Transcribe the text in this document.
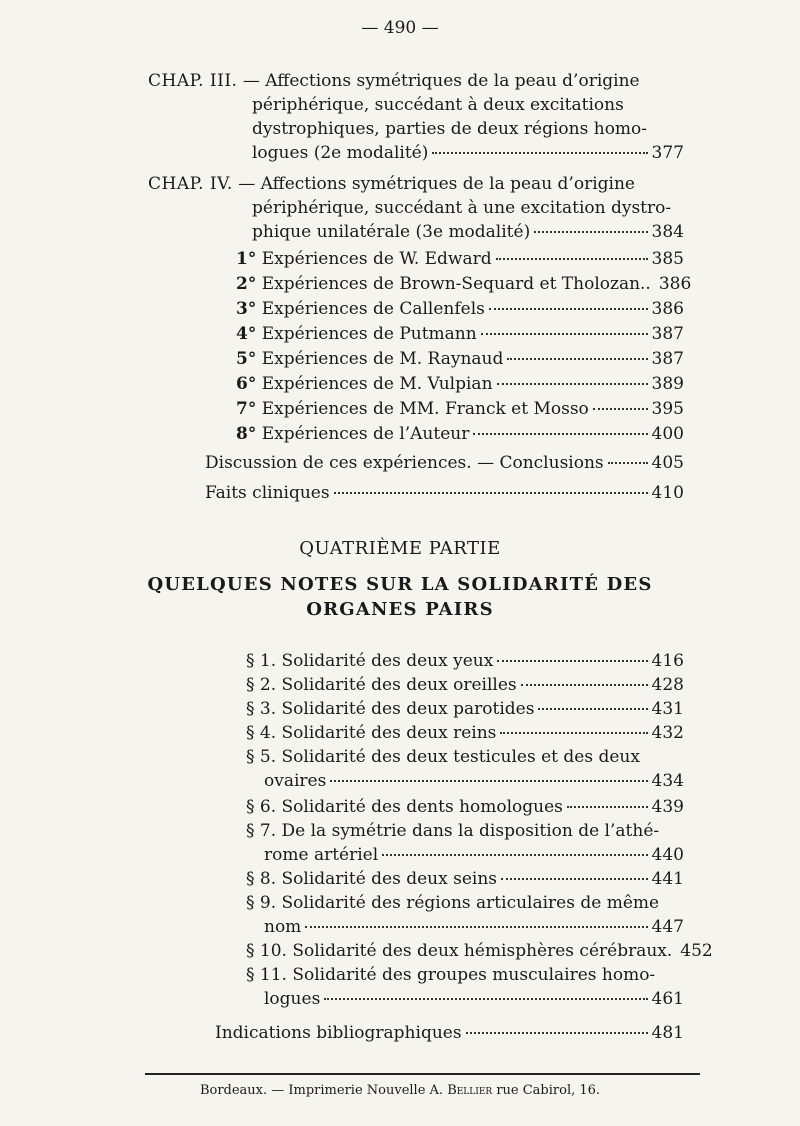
— 490 —
CHAP. III. — Affections symétriques de la peau d’origine
périphérique, succédant à deux excitations
dystrophiques, parties de deux régions homo-
logues (2e modalité)	377
CHAP. IV. — Affections symétriques de la peau d’origine
périphérique, succédant à une excitation dystro-
phique unilatérale (3e modalité)	384
1° Expériences de W. Edward	385
2° Expériences de Brown-Sequard et Tholozan.. 386
3° Expériences de Callenfels	386
4° Expériences de Putmann	387
5° Expériences de M. Raynaud	387
6° Expériences de M. Vulpian	389
7° Expériences de MM. Franck et Mosso	395
8° Expériences de l’Auteur	400
Discussion de ces expériences. — Conclusions	405
Faits cliniques	410
QUATRIÈME PARTIE
QUELQUES NOTES SUR LA SOLIDARITÉ DES
ORGANES PAIRS
§ 1. Solidarité des deux yeux	416
§ 2. Solidarité des deux oreilles	428
§ 3. Solidarité des deux parotides	431
§ 4. Solidarité des deux reins	432
§ 5. Solidarité des deux testicules et des deux
ovaires	434
§ 6. Solidarité des dents homologues	439
§ 7. De la symétrie dans la disposition de l’athé-
rome artériel	440
§ 8. Solidarité des deux seins	441
§ 9. Solidarité des régions articulaires de même
nom	447
§ 10. Solidarité des deux hémisphères cérébraux. 452
§ 11. Solidarité des groupes musculaires homo-
logues	461
Indications bibliographiques	481
Bordeaux. — Imprimerie Nouvelle A. Bellier rue Cabirol, 16.
